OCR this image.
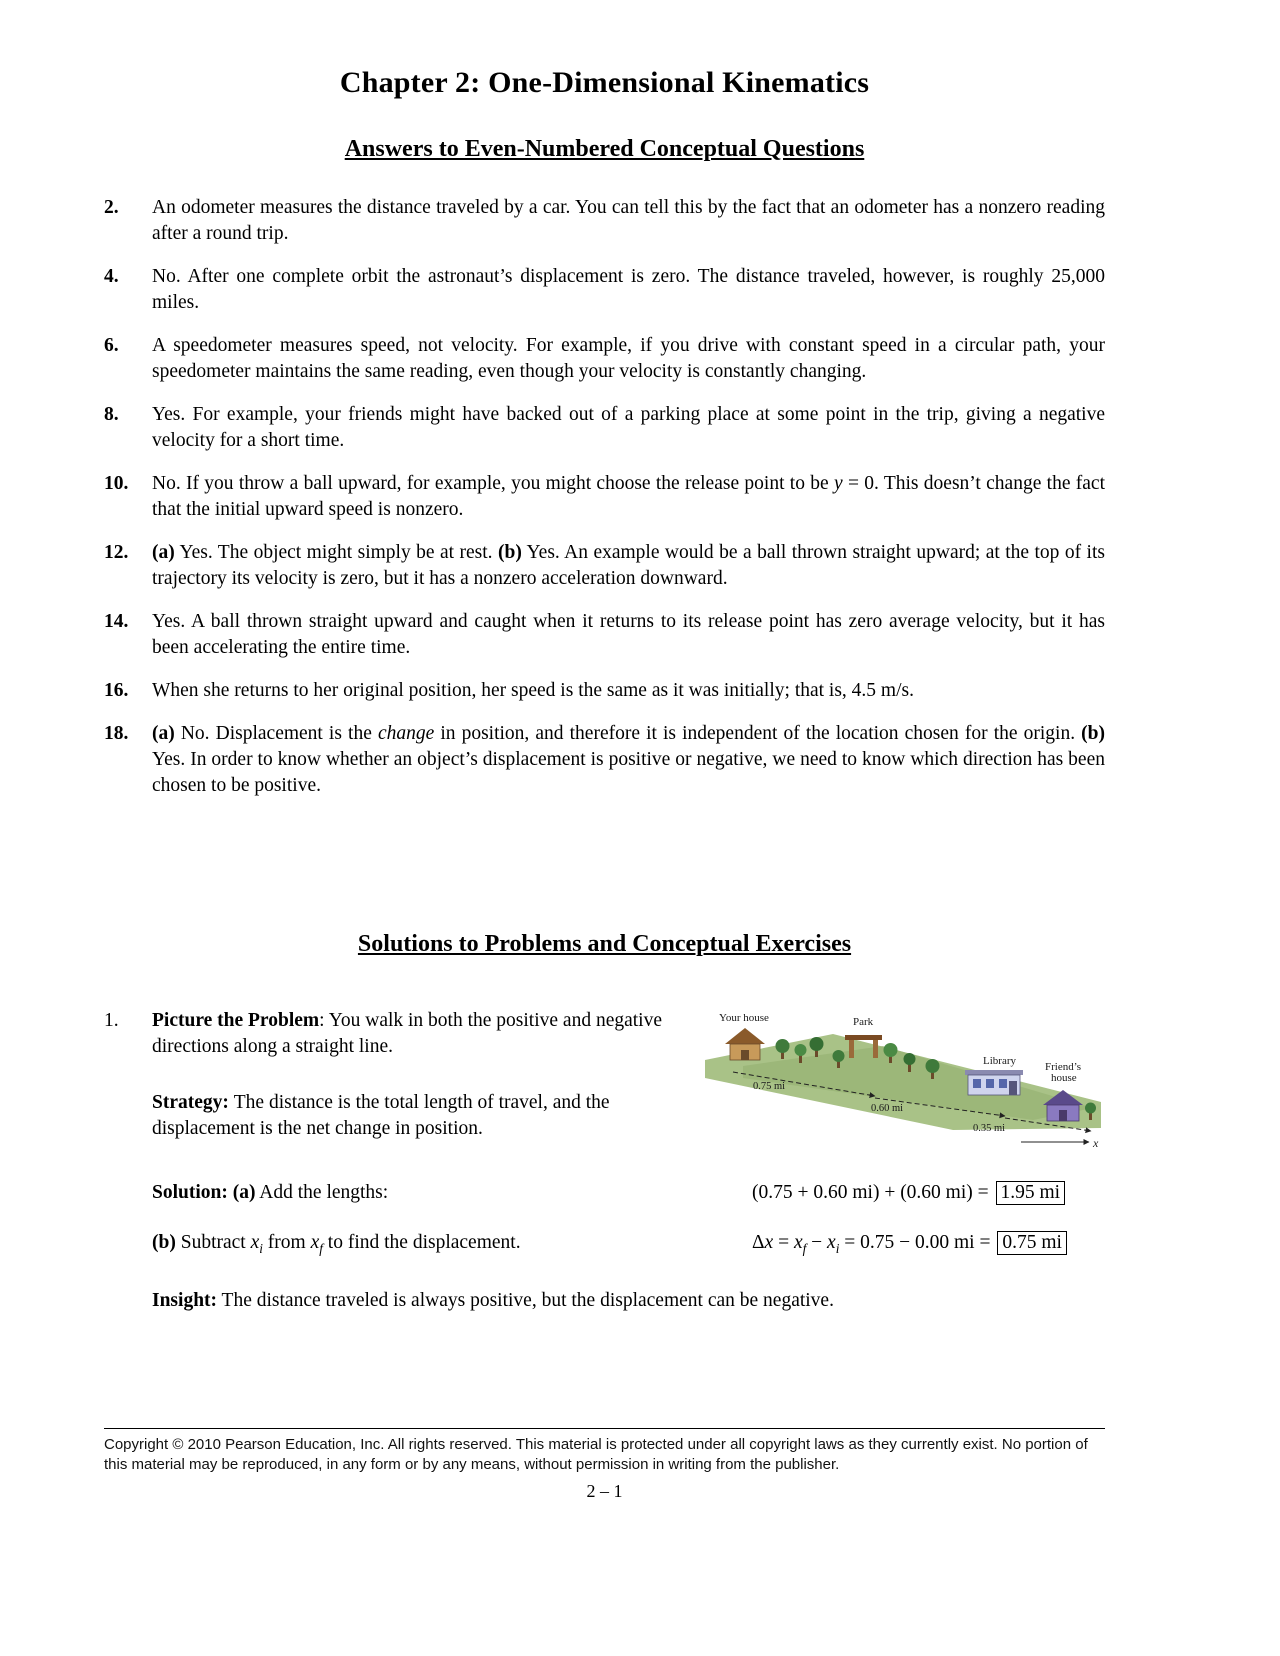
Chapter 2: One-Dimensional Kinematics
Answers to Even-Numbered Conceptual Questions
2.	An odometer measures the distance traveled by a car. You can tell this by the fact that an odometer has a nonzero reading after a round trip.
4.	No. After one complete orbit the astronaut’s displacement is zero. The distance traveled, however, is roughly 25,000 miles.
6.	A speedometer measures speed, not velocity. For example, if you drive with constant speed in a circular path, your speedometer maintains the same reading, even though your velocity is constantly changing.
8.	Yes. For example, your friends might have backed out of a parking place at some point in the trip, giving a negative velocity for a short time.
10.	No. If you throw a ball upward, for example, you might choose the release point to be y = 0. This doesn’t change the fact that the initial upward speed is nonzero.
12.	(a) Yes. The object might simply be at rest. (b) Yes. An example would be a ball thrown straight upward; at the top of its trajectory its velocity is zero, but it has a nonzero acceleration downward.
14.	Yes. A ball thrown straight upward and caught when it returns to its release point has zero average velocity, but it has been accelerating the entire time.
16.	When she returns to her original position, her speed is the same as it was initially; that is, 4.5 m/s.
18.	(a) No. Displacement is the change in position, and therefore it is independent of the location chosen for the origin. (b) Yes. In order to know whether an object’s displacement is positive or negative, we need to know which direction has been chosen to be positive.
Solutions to Problems and Conceptual Exercises
1.	Picture the Problem: You walk in both the positive and negative directions along a straight line.

Strategy: The distance is the total length of travel, and the displacement is the net change in position.

Solution: (a) Add the lengths:	(0.75 + 0.60 mi) + (0.60 mi) = 1.95 mi
(b) Subtract $x_i$ from $x_f$ to find the displacement.	$\Delta x = x_f - x_i = 0.75 - 0.00$ mi = 0.75 mi

Insight: The distance traveled is always positive, but the displacement can be negative.

Your house	Park
Library	Friend’s
house
0.75 mi
0.60 mi
0.35 mi
x

Copyright © 2010 Pearson Education, Inc. All rights reserved. This material is protected under all copyright laws as they currently exist. No portion of this material may be reproduced, in any form or by any means, without permission in writing from the publisher.

2 – 1
